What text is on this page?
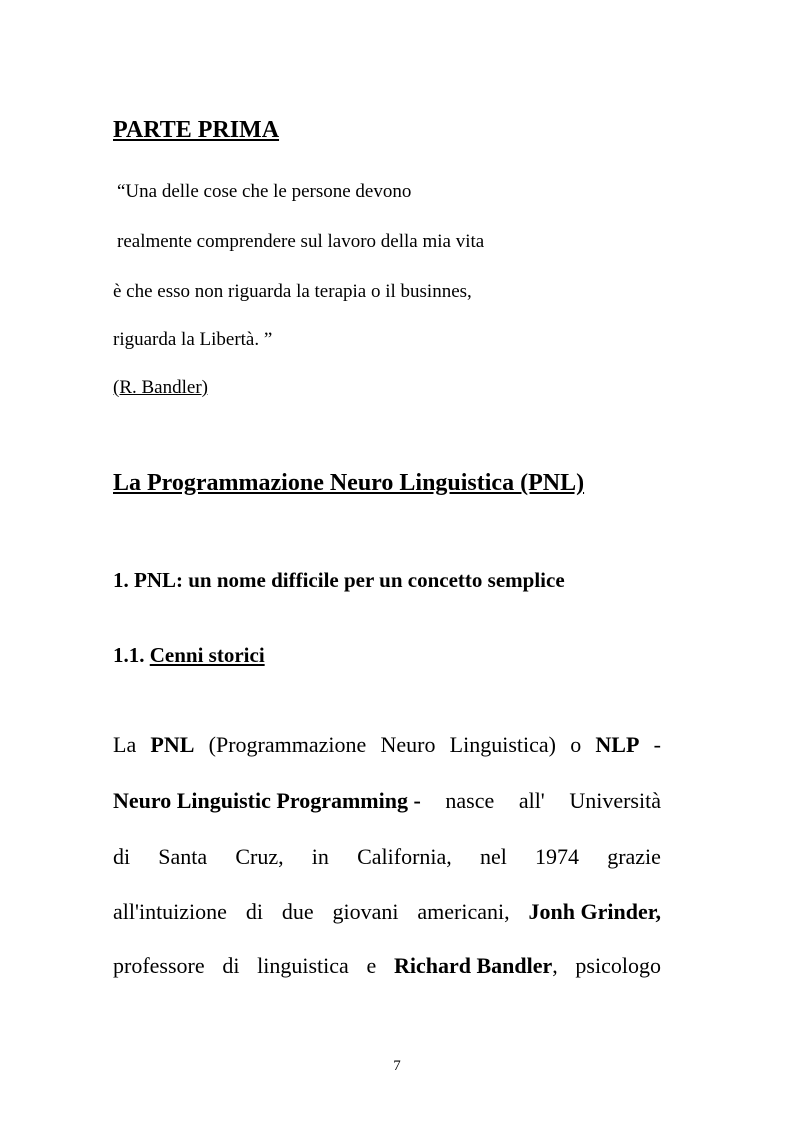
PARTE PRIMA
“Una delle cose che le persone devono
realmente comprendere sul lavoro della mia vita
è che esso non riguarda la terapia o il businnes,
riguarda la Libertà. ”
(R. Bandler)
La Programmazione Neuro Linguistica (PNL)
1. PNL: un nome difficile per un concetto semplice
1.1. Cenni storici
La PNL (Programmazione Neuro Linguistica) o NLP -
Neuro Linguistic Programming - nasce all' Università
di Santa Cruz, in California, nel 1974 grazie
all'intuizione di due giovani americani, Jonh Grinder,
professore di linguistica e Richard Bandler, psicologo
7
